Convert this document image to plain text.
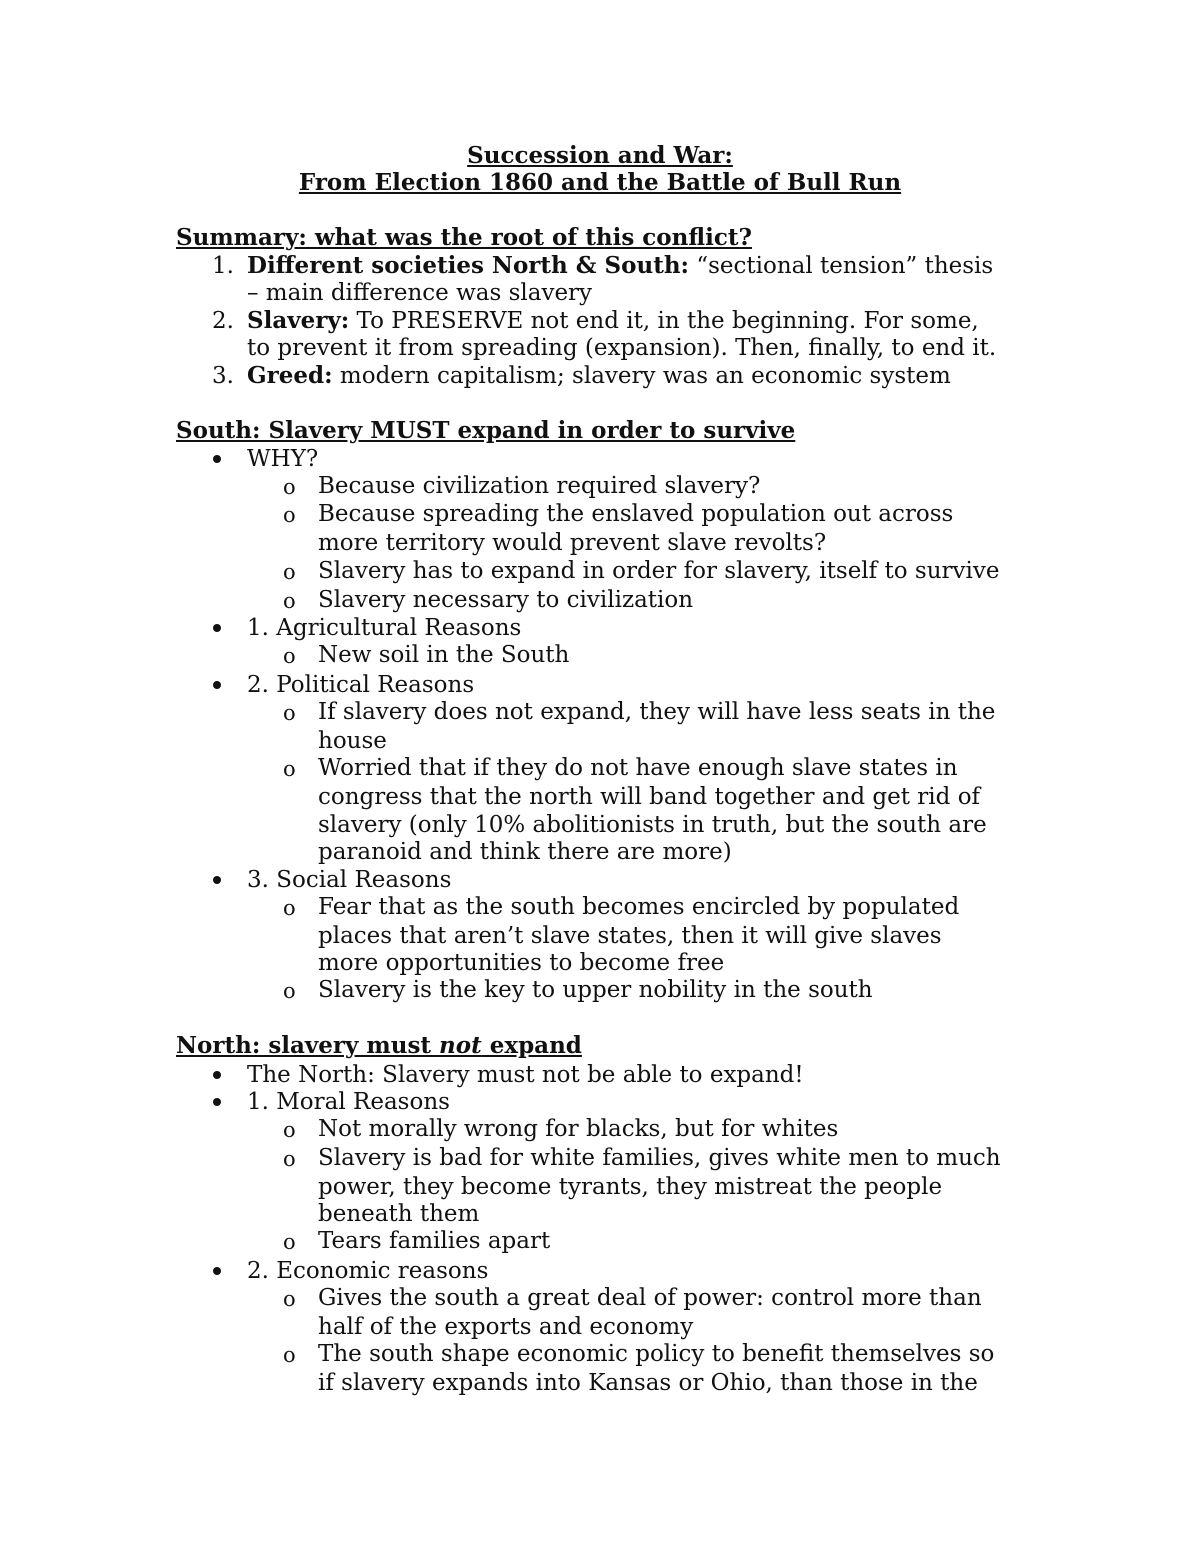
Succession and War:
From Election 1860 and the Battle of Bull Run
Summary: what was the root of this conflict?
1. Different societies North & South: “sectional tension” thesis
– main difference was slavery
2. Slavery: To PRESERVE not end it, in the beginning. For some,
to prevent it from spreading (expansion). Then, finally, to end it.
3. Greed: modern capitalism; slavery was an economic system
South: Slavery MUST expand in order to survive
WHY?
o Because civilization required slavery?
o Because spreading the enslaved population out across
more territory would prevent slave revolts?
o Slavery has to expand in order for slavery, itself to survive
o Slavery necessary to civilization
1. Agricultural Reasons
o New soil in the South
2. Political Reasons
o If slavery does not expand, they will have less seats in the
house
o Worried that if they do not have enough slave states in
congress that the north will band together and get rid of
slavery (only 10% abolitionists in truth, but the south are
paranoid and think there are more)
3. Social Reasons
o Fear that as the south becomes encircled by populated
places that aren’t slave states, then it will give slaves
more opportunities to become free
o Slavery is the key to upper nobility in the south
North: slavery must not expand
The North: Slavery must not be able to expand!
1. Moral Reasons
o Not morally wrong for blacks, but for whites
o Slavery is bad for white families, gives white men to much
power, they become tyrants, they mistreat the people
beneath them
o Tears families apart
2. Economic reasons
o Gives the south a great deal of power: control more than
half of the exports and economy
o The south shape economic policy to benefit themselves so
if slavery expands into Kansas or Ohio, than those in the
